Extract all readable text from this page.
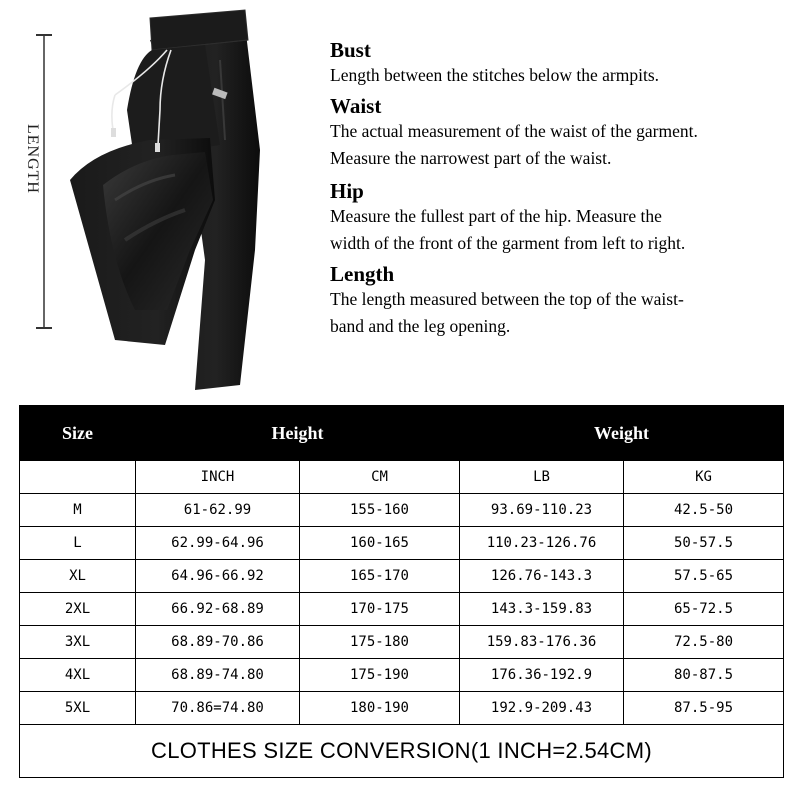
LENGTH
Bust

Length between the stitches below the armpits.

Waist

The actual measurement of the waist of the garment.

Measure the narrowest part of the waist.

Hip

Measure the fullest part of the hip. Measure the

width of the front of the garment from left to right.

Length

The length measured between the top of the waist-

band and the leg opening.

Size	Height		Weight	
	INCH	CM	LB	KG
M	61-62.99	155-160	93.69-110.23	42.5-50
L	62.99-64.96	160-165	110.23-126.76	50-57.5
XL	64.96-66.92	165-170	126.76-143.3	57.5-65
2XL	66.92-68.89	170-175	143.3-159.83	65-72.5
3XL	68.89-70.86	175-180	159.83-176.36	72.5-80
4XL	68.89-74.80	175-190	176.36-192.9	80-87.5
5XL	70.86=74.80	180-190	192.9-209.43	87.5-95
CLOTHES SIZE CONVERSION(1 INCH=2.54CM)				
